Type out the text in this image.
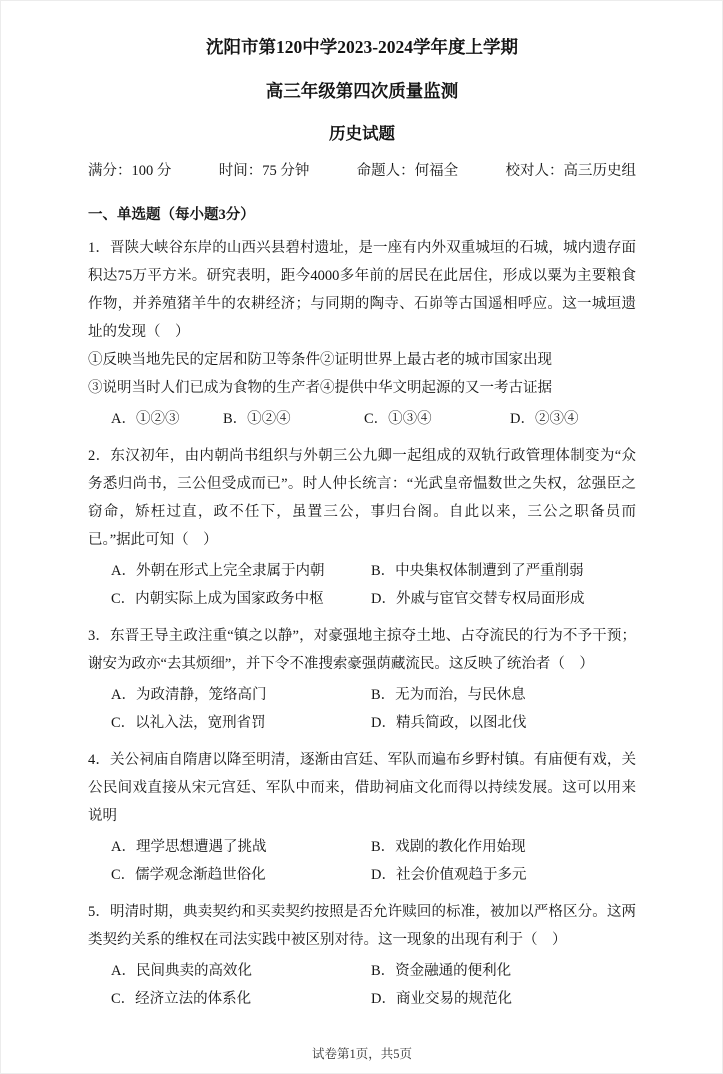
沈阳市第120中学2023-2024学年度上学期
高三年级第四次质量监测
历史试题
满分：100 分	时间：75 分钟	命题人：何福全	校对人：高三历史组
一、单选题（每小题3分）

1．晋陕大峡谷东岸的山西兴县碧村遗址，是一座有内外双重城垣的石城，城内遗存面积达75万平方米。研究表明，距今4000多年前的居民在此居住，形成以粟为主要粮食作物，并养殖猪羊牛的农耕经济；与同期的陶寺、石峁等古国遥相呼应。这一城垣遗址的发现（　）

①反映当地先民的定居和防卫等条件②证明世界上最古老的城市国家出现

③说明当时人们已成为食物的生产者④提供中华文明起源的又一考古证据

A．①②③	B．①②④	C．①③④	D．②③④

2．东汉初年，由内朝尚书组织与外朝三公九卿一起组成的双轨行政管理体制变为“众务悉归尚书，三公但受成而已”。时人仲长统言：“光武皇帝愠数世之失权，忿强臣之窃命，矫枉过直，政不任下，虽置三公，事归台阁。自此以来，三公之职备员而已。”据此可知（　）

A．外朝在形式上完全隶属于内朝	B．中央集权体制遭到了严重削弱
C．内朝实际上成为国家政务中枢	D．外戚与宦官交替专权局面形成

3．东晋王导主政注重“镇之以静”，对豪强地主掠夺土地、占夺流民的行为不予干预；谢安为政亦“去其烦细”，并下令不准搜索豪强荫藏流民。这反映了统治者（　）

A．为政清静，笼络高门	B．无为而治，与民休息
C．以礼入法，宽刑省罚	D．精兵简政，以图北伐

4．关公祠庙自隋唐以降至明清，逐渐由宫廷、军队而遍布乡野村镇。有庙便有戏，关公民间戏直接从宋元宫廷、军队中而来，借助祠庙文化而得以持续发展。这可以用来说明

A．理学思想遭遇了挑战	B．戏剧的教化作用始现
C．儒学观念渐趋世俗化	D．社会价值观趋于多元

5．明清时期，典卖契约和买卖契约按照是否允许赎回的标准，被加以严格区分。这两类契约关系的维权在司法实践中被区别对待。这一现象的出现有利于（　）

A．民间典卖的高效化	B．资金融通的便利化
C．经济立法的体系化	D．商业交易的规范化
试卷第1页，共5页
